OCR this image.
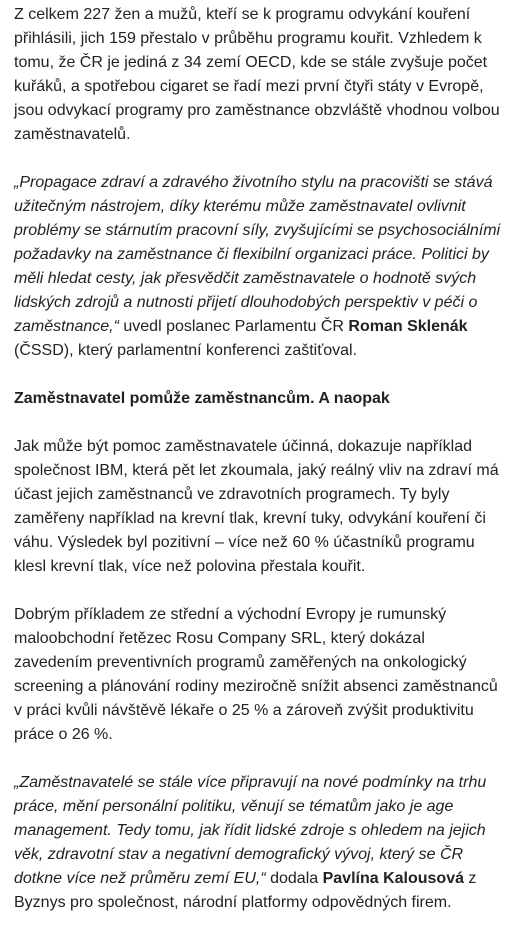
Z celkem 227 žen a mužů, kteří se k programu odvykání kouření přihlásili, jich 159 přestalo v průběhu programu kouřit. Vzhledem k tomu, že ČR je jediná z 34 zemí OECD, kde se stále zvyšuje počet kuřáků, a spotřebou cigaret se řadí mezi první čtyři státy v Evropě, jsou odvykací programy pro zaměstnance obzvláště vhodnou volbou zaměstnavatelů.

„Propagace zdraví a zdravého životního stylu na pracovišti se stává užitečným nástrojem, díky kterému může zaměstnavatel ovlivnit problémy se stárnutím pracovní síly, zvyšujícími se psychosociálními požadavky na zaměstnance či flexibilní organizaci práce. Politici by měli hledat cesty, jak přesvědčit zaměstnavatele o hodnotě svých lidských zdrojů a nutnosti přijetí dlouhodobých perspektiv v péči o zaměstnance,“ uvedl poslanec Parlamentu ČR Roman Sklenák (ČSSD), který parlamentní konferenci zaštiťoval.

Zaměstnavatel pomůže zaměstnancům. A naopak

Jak může být pomoc zaměstnavatele účinná, dokazuje například společnost IBM, která pět let zkoumala, jaký reálný vliv na zdraví má účast jejich zaměstnanců ve zdravotních programech. Ty byly zaměřeny například na krevní tlak, krevní tuky, odvykání kouření či váhu. Výsledek byl pozitivní – více než 60 % účastníků programu klesl krevní tlak, více než polovina přestala kouřit.

Dobrým příkladem ze střední a východní Evropy je rumunský maloobchodní řetězec Rosu Company SRL, který dokázal zavedením preventivních programů zaměřených na onkologický screening a plánování rodiny meziročně snížit absenci zaměstnanců v práci kvůli návštěvě lékaře o 25 % a zároveň zvýšit produktivitu práce o 26 %.

„Zaměstnavatelé se stále více připravují na nové podmínky na trhu práce, mění personální politiku, věnují se tématům jako je age management. Tedy tomu, jak řídit lidské zdroje s ohledem na jejich věk, zdravotní stav a negativní demografický vývoj, který se ČR dotkne více než průměru zemí EU,“ dodala Pavlína Kalousová z Byznys pro společnost, národní platformy odpovědných firem.
